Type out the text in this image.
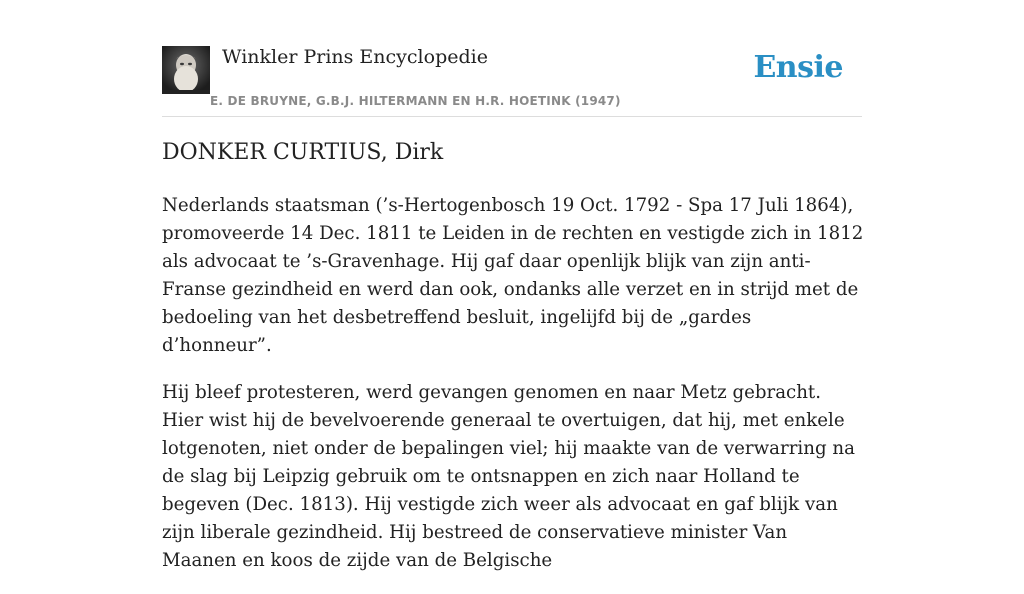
Winkler Prins Encyclopedie
E. DE BRUYNE, G.B.J. HILTERMANN EN H.R. HOETINK (1947)
Ensie
DONKER CURTIUS, Dirk

Nederlands staatsman (’s-Hertogenbosch 19 Oct. 1792 - Spa 17 Juli 1864), promoveerde 14 Dec. 1811 te Leiden in de rechten en vestigde zich in 1812 als advocaat te ’s-Gravenhage. Hij gaf daar openlijk blijk van zijn anti-Franse gezindheid en werd dan ook, ondanks alle verzet en in strijd met de bedoeling van het desbetreffend besluit, ingelijfd bij de „gardes d’honneur”.

Hij bleef protesteren, werd gevangen genomen en naar Metz gebracht. Hier wist hij de bevelvoerende generaal te overtuigen, dat hij, met enkele lotgenoten, niet onder de bepalingen viel; hij maakte van de verwarring na de slag bij Leipzig gebruik om te ontsnappen en zich naar Holland te begeven (Dec. 1813). Hij vestigde zich weer als advocaat en gaf blijk van zijn liberale gezindheid. Hij bestreed de conservatieve minister Van Maanen en koos de zijde van de Belgische
